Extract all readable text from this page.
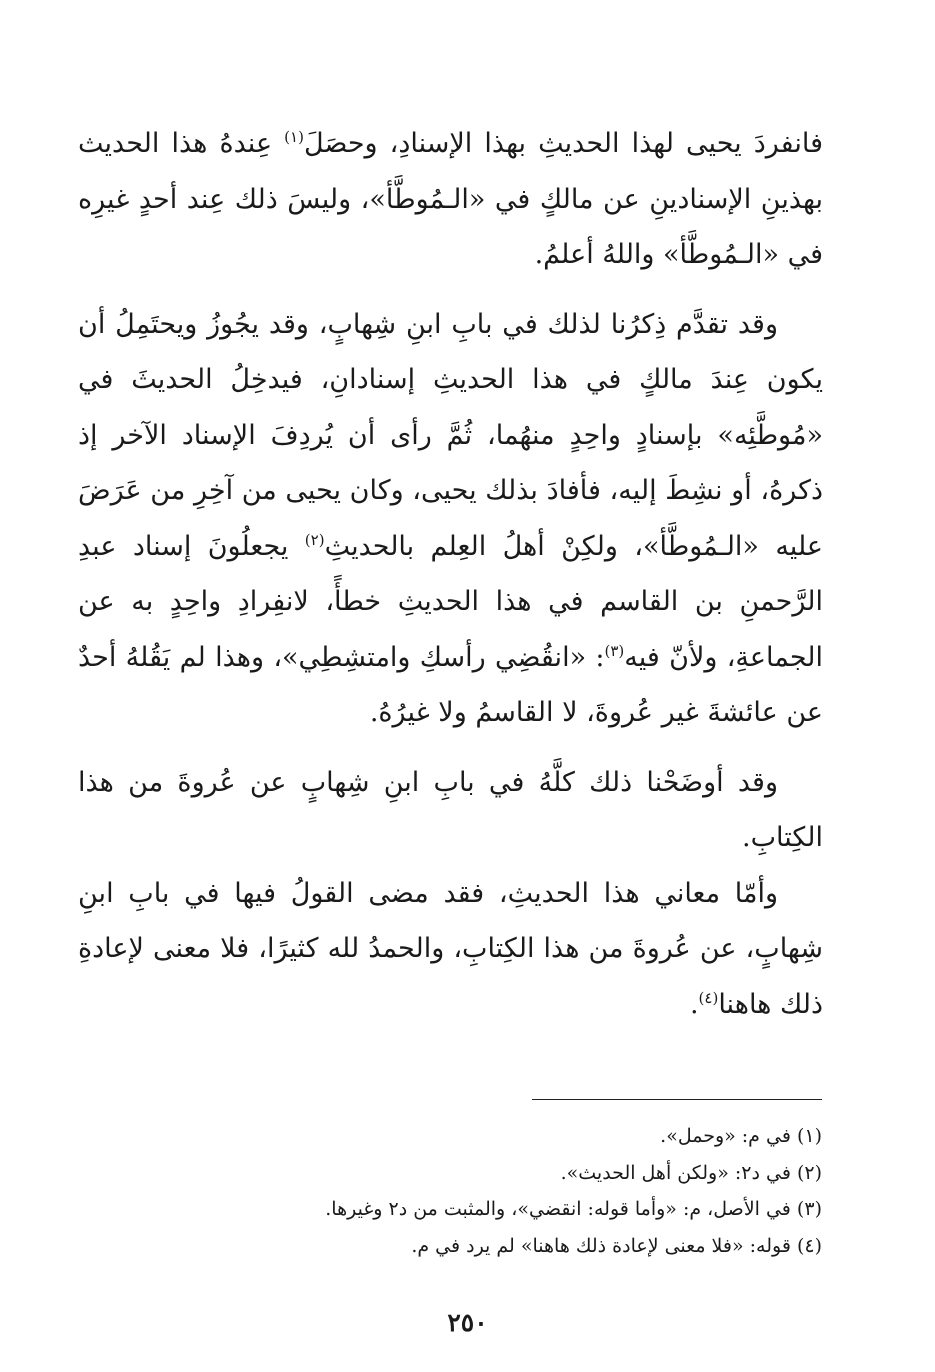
فانفردَ يحيى لهذا الحديثِ بهذا الإسنادِ، وحصَلَ$^{(١)}$ عِندهُ هذا الحديث بهذينِ الإسنادينِ عن مالكٍ في «الـمُوطَّأ»، وليسَ ذلك عِند أحدٍ غيرِه في «الـمُوطَّأ» واللهُ أعلمُ.

وقد تقدَّم ذِكرُنا لذلك في بابِ ابنِ شِهابٍ، وقد يجُوزُ ويحتَمِلُ أن يكون عِندَ مالكٍ في هذا الحديثِ إسنادانِ، فيدخِلُ الحديثَ في «مُوطَّئِه» بإسنادٍ واحِدٍ منهُما، ثُمَّ رأى أن يُردِفَ الإسناد الآخر إذ ذكرهُ، أو نشِطَ إليه، فأفادَ بذلك يحيى، وكان يحيى من آخِرِ من عَرَضَ عليه «الـمُوطَّأ»، ولكِنْ أهلُ العِلم بالحديثِ$^{(٢)}$ يجعلُونَ إسناد عبدِ الرَّحمنِ بن القاسم في هذا الحديثِ خطأً، لانفِرادِ واحِدٍ به عن الجماعةِ، ولأنّ فيه$^{(٣)}$: «انقُضِي رأسكِ وامتشِطِي»، وهذا لم يَقُلهُ أحدٌ عن عائشةَ غير عُروةَ، لا القاسمُ ولا غيرُهُ.

وقد أوضَحْنا ذلك كلَّهُ في بابِ ابنِ شِهابٍ عن عُروةَ من هذا الكِتابِ.

وأمّا معاني هذا الحديثِ، فقد مضى القولُ فيها في بابِ ابنِ شِهابٍ، عن عُروةَ من هذا الكِتابِ، والحمدُ لله كثيرًا، فلا معنى لإعادةِ ذلك هاهنا$^{(٤)}$.

(١) في م: «وحمل».

(٢) في د٢: «ولكن أهل الحديث».

(٣) في الأصل، م: «وأما قوله: انقضي»، والمثبت من د٢ وغيرها.

(٤) قوله: «فلا معنى لإعادة ذلك هاهنا» لم يرد في م.

٢٥٠
